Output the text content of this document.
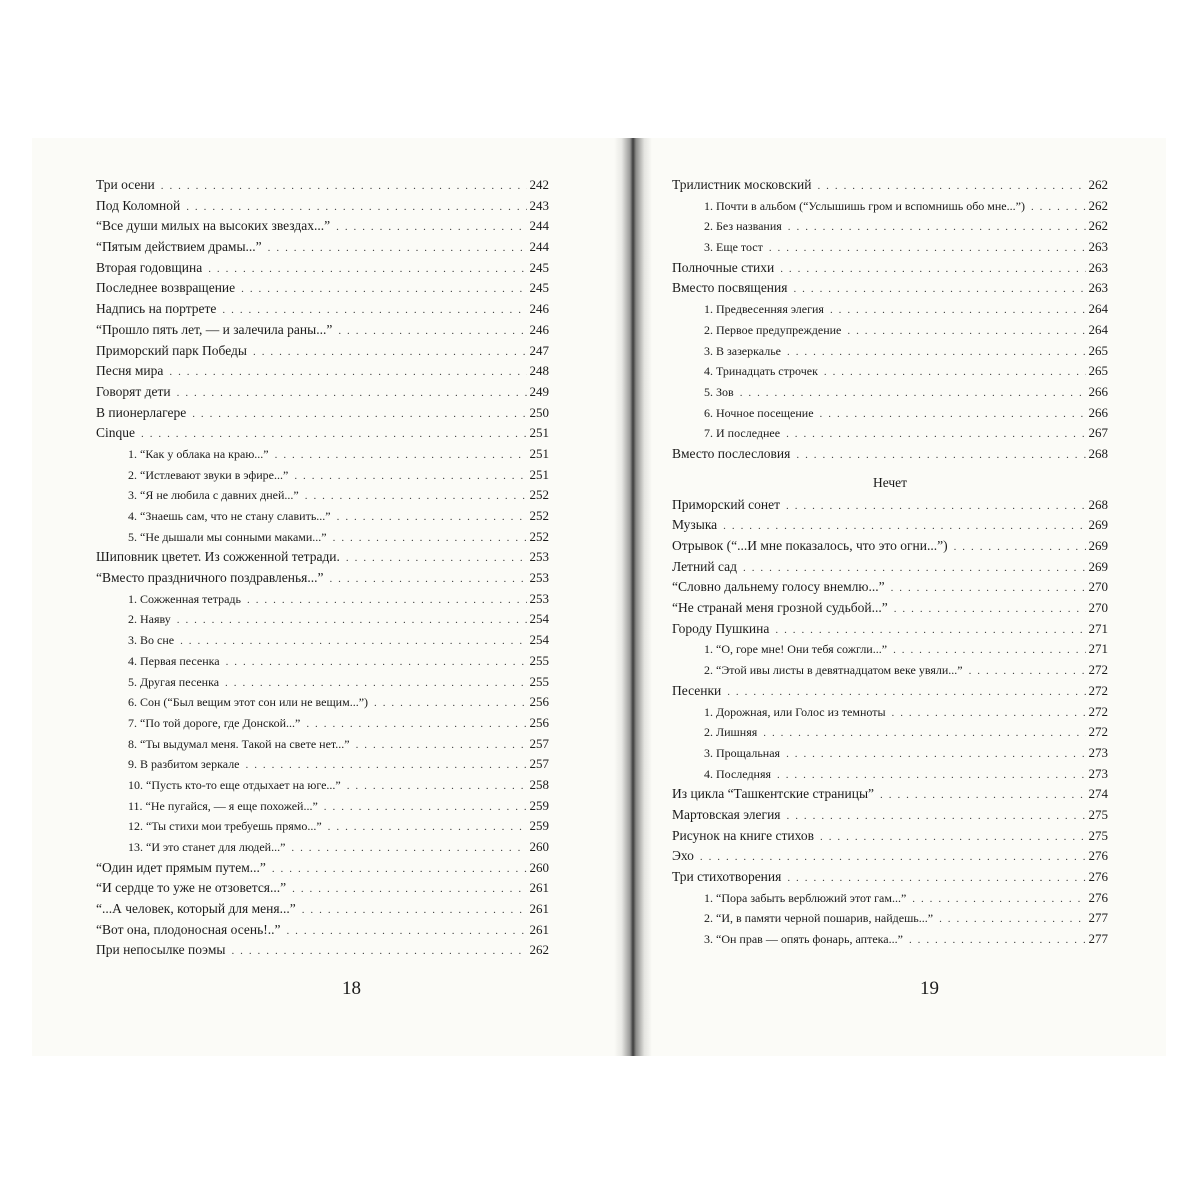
Три осени . . .	242
Под Коломной . . .	243
“Все души милых на высоких звездах...” . . .	244
“Пятым действием драмы...” . . .	244
Вторая годовщина . . .	245
Последнее возвращение . . .	245
Надпись на портрете . . .	246
“Прошло пять лет, — и залечила раны...” . . .	246
Приморский парк Победы . . .	247
Песня мира . . .	248
Говорят дети . . .	249
В пионерлагере . . .	250
Cinque . . .	251
1. “Как у облака на краю...” . . .	251
2. “Истлевают звуки в эфире...” . . .	251
3. “Я не любила с давних дней...” . . .	252
4. “Знаешь сам, что не стану славить...” . . .	252
5. “Не дышали мы сонными маками...” . . .	252
Шиповник цветет. Из сожженной тетради. . . .	253
“Вместо праздничного поздравленья...” . . .	253
1. Сожженная тетрадь . . .	253
2. Наяву . . .	254
3. Во сне . . .	254
4. Первая песенка . . .	255
5. Другая песенка . . .	255
6. Сон (“Был вещим этот сон или не вещим...”) . . .	256
7. “По той дороге, где Донской...” . . .	256
8. “Ты выдумал меня. Такой на свете нет...” . . .	257
9. В разбитом зеркале . . .	257
10. “Пусть кто-то еще отдыхает на юге...” . . .	258
11. “Не пугайся, — я еще похожей...” . . .	259
12. “Ты стихи мои требуешь прямо...” . . .	259
13. “И это станет для людей...” . . .	260
“Один идет прямым путем...” . . .	260
“И сердце то уже не отзовется...” . . .	261
“...А человек, который для меня...” . . .	261
“Вот она, плодоносная осень!..” . . .	261
При непосылке поэмы . . .	262
18
Трилистник московский . . .	262
1. Почти в альбом (“Услышишь гром и вспомнишь обо мне...”) . . .	262
2. Без названия . . .	262
3. Еще тост . . .	263
Полночные стихи . . .	263
Вместо посвящения . . .	263
1. Предвесенняя элегия . . .	264
2. Первое предупреждение . . .	264
3. В зазеркалье . . .	265
4. Тринадцать строчек . . .	265
5. Зов . . .	266
6. Ночное посещение . . .	266
7. И последнее . . .	267
Вместо послесловия . . .	268
Нечет
Приморский сонет . . .	268
Музыка . . .	269
Отрывок (“...И мне показалось, что это огни...”) . . .	269
Летний сад . . .	269
“Словно дальнему голосу внемлю...” . . .	270
“Не странай меня грозной судьбой...” . . .	270
Городу Пушкина . . .	271
1. “О, горе мне! Они тебя сожгли...” . . .	271
2. “Этой ивы листы в девятнадцатом веке увяли...” . . .	272
Песенки . . .	272
1. Дорожная, или Голос из темноты . . .	272
2. Лишняя . . .	272
3. Прощальная . . .	273
4. Последняя . . .	273
Из цикла “Ташкентские страницы” . . .	274
Мартовская элегия . . .	275
Рисунок на книге стихов . . .	275
Эхо . . .	276
Три стихотворения . . .	276
1. “Пора забыть верблюжий этот гам...” . . .	276
2. “И, в памяти черной пошарив, найдешь...” . . .	277
3. “Он прав — опять фонарь, аптека...” . . .	277
19
